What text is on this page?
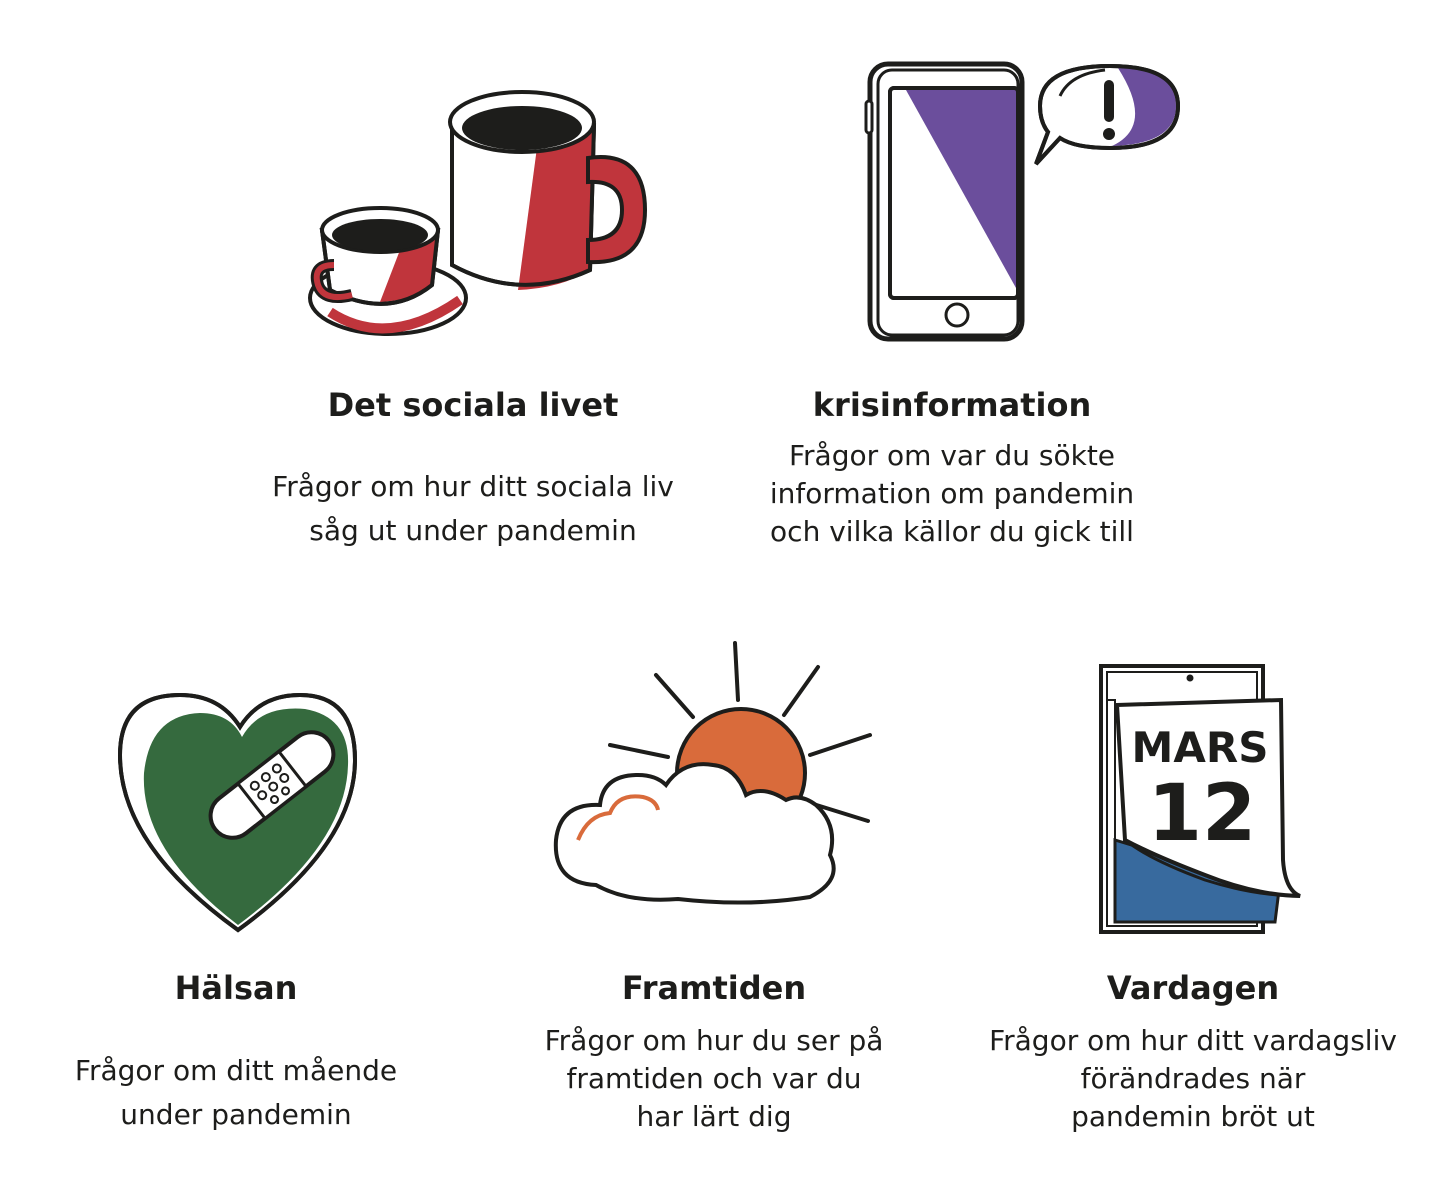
Det sociala livet
Frågor om hur ditt sociala liv
såg ut under pandemin
krisinformation
Frågor om var du sökte
information om pandemin
och vilka källor du gick till
Hälsan
Frågor om ditt mående
under pandemin
Framtiden
Frågor om hur du ser på
framtiden och var du
har lärt dig
MARS
12
Vardagen
Frågor om hur ditt vardagsliv
förändrades när
pandemin bröt ut
